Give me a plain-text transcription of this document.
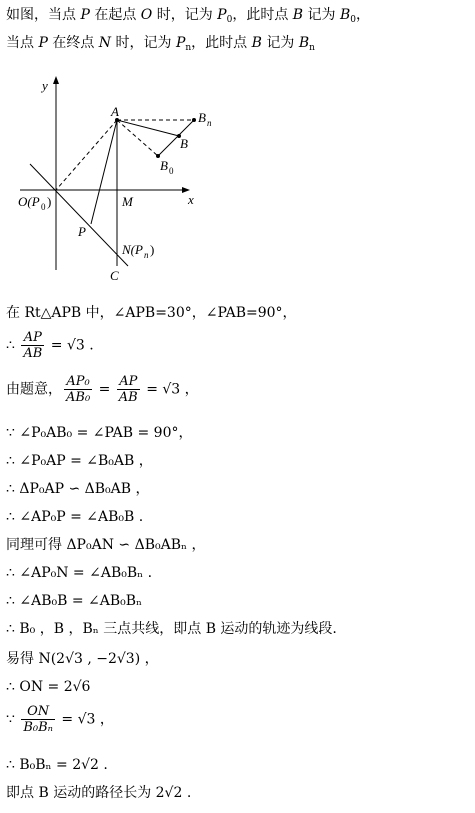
如图，当点 P 在起点 O 时，记为 $P_0$，此时点 B 记为 $B_0$，
当点 P 在终点 N 时，记为 $P_n$，此时点 B 记为 $B_n$
y
x
A	B n
B
B 0
O(P 0 )	M
P
N(P n )
C
在 Rt△APB 中，∠APB=30°，∠PAB=90°，
∴ $\frac{AP}{AB} = √3$ .
由题意， $\frac{\text{AP₀}}{\text{AB₀}} = \frac{AP}{AB} = √3$ ，
∵ ∠P₀AB₀ = ∠PAB = 90°，
∴ ∠P₀AP = ∠B₀AB ，
∴ ΔP₀AP ∽ ΔB₀AB ，
∴ ∠AP₀P = ∠AB₀B .
同理可得 ΔP₀AN ∽ ΔB₀ABₙ ，
∴ ∠AP₀N = ∠AB₀Bₙ .
∴ ∠AB₀B = ∠AB₀Bₙ
∴ B₀ ，B ，Bₙ 三点共线，即点 B 运动的轨迹为线段.
易得 N(2√3 , −2√3) ，
∴ ON = 2√6
∵ $\frac{ON}{\text{B₀Bₙ}} = √3$ ，
∴ B₀Bₙ = 2√2 .
即点 B 运动的路径长为 2√2 .
